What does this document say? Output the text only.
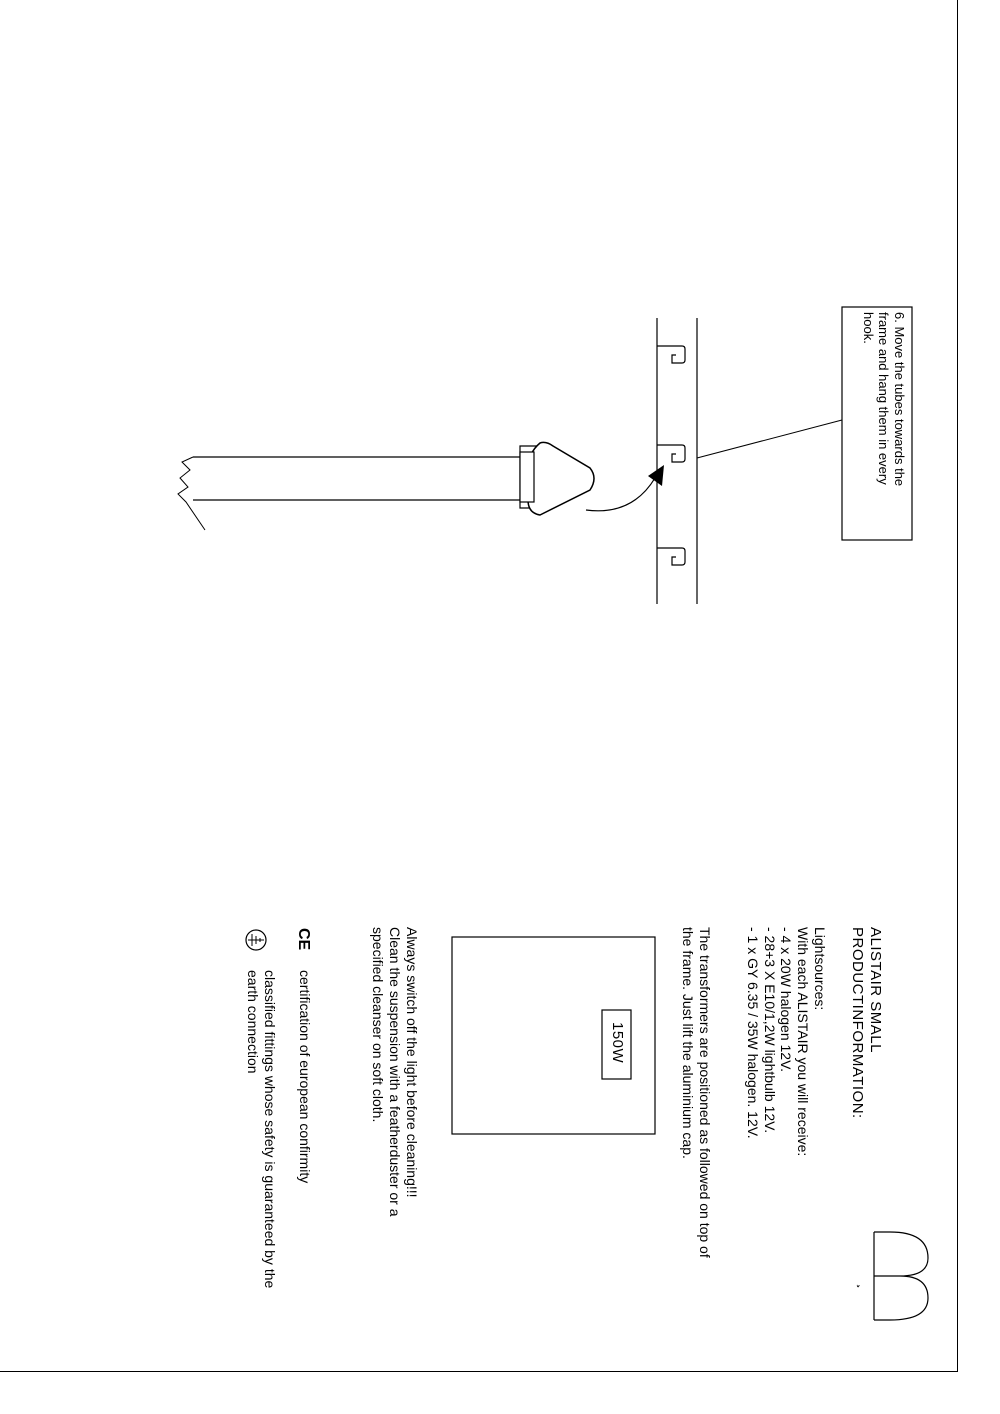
6. Move the tubes towards the
frame and hang them in every
hook.
ALISTAIR SMALL
PRODUCTINFORMATION:
Lightsources:
With each ALISTAIR you will receive:
- 4 x 20W halogen 12V.
- 28+3 X E10/1,2W lightbulb 12V.
- 1 x GY 6.35 / 35W halogen. 12V.
The transformers are positioned as followed on top of
the frame. Just lift the aluminium cap.
150W
Always switch off the light before cleaning!!!
Clean the suspension with a featherduster or a
specified cleanser on soft cloth.
CE
certification of european confirmity
classified fittings whose safety is guaranteed by the
earth connection
¸
